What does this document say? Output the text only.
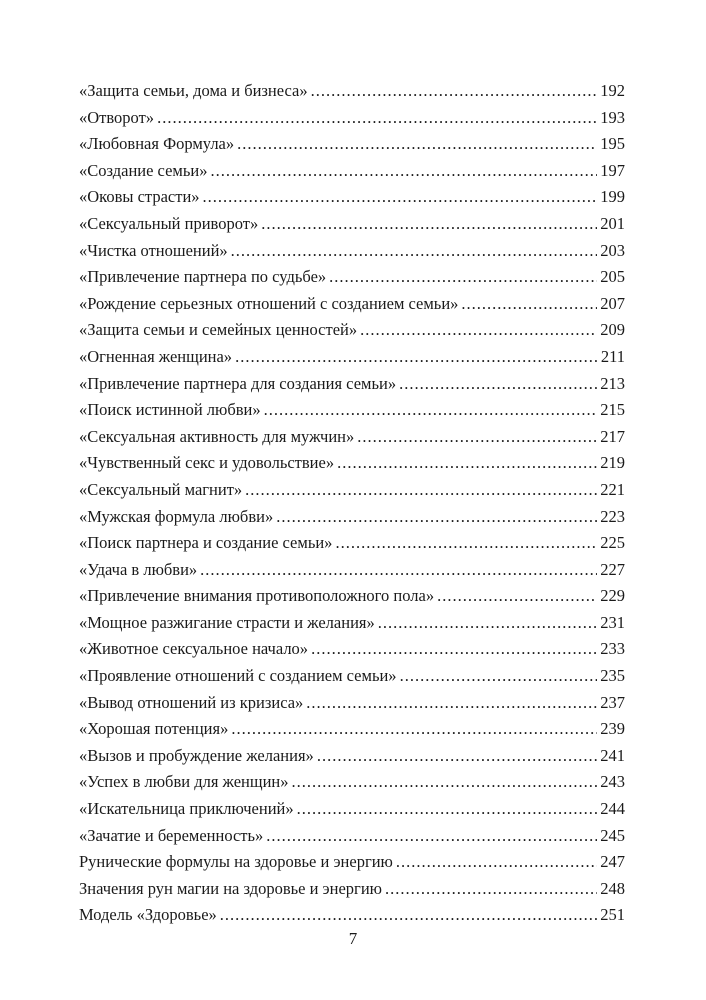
«Защита семьи, дома и бизнеса» .....	192
«Отворот» .....	193
«Любовная Формула» .....	195
«Создание семьи» .....	197
«Оковы страсти» .....	199
«Сексуальный приворот» .....	201
«Чистка отношений» .....	203
«Привлечение партнера по судьбе» .....	205
«Рождение серьезных отношений с созданием семьи» .....	207
«Защита семьи и семейных ценностей» .....	209
«Огненная женщина» .....	211
«Привлечение партнера для создания семьи» .....	213
«Поиск истинной любви» .....	215
«Сексуальная активность для мужчин» .....	217
«Чувственный секс и удовольствие» .....	219
«Сексуальный магнит» .....	221
«Мужская формула любви» .....	223
«Поиск партнера и создание семьи» .....	225
«Удача в любви» .....	227
«Привлечение внимания противоположного пола» .....	229
«Мощное разжигание страсти и желания» .....	231
«Животное сексуальное начало» .....	233
«Проявление отношений с созданием семьи» .....	235
«Вывод отношений из кризиса» .....	237
«Хорошая потенция» .....	239
«Вызов и пробуждение желания» .....	241
«Успех в любви для женщин» .....	243
«Искательница приключений» .....	244
«Зачатие и беременность» .....	245
Рунические формулы на здоровье и энергию .....	247
Значения рун магии на здоровье и энергию .....	248
Модель «Здоровье» .....	251
7
